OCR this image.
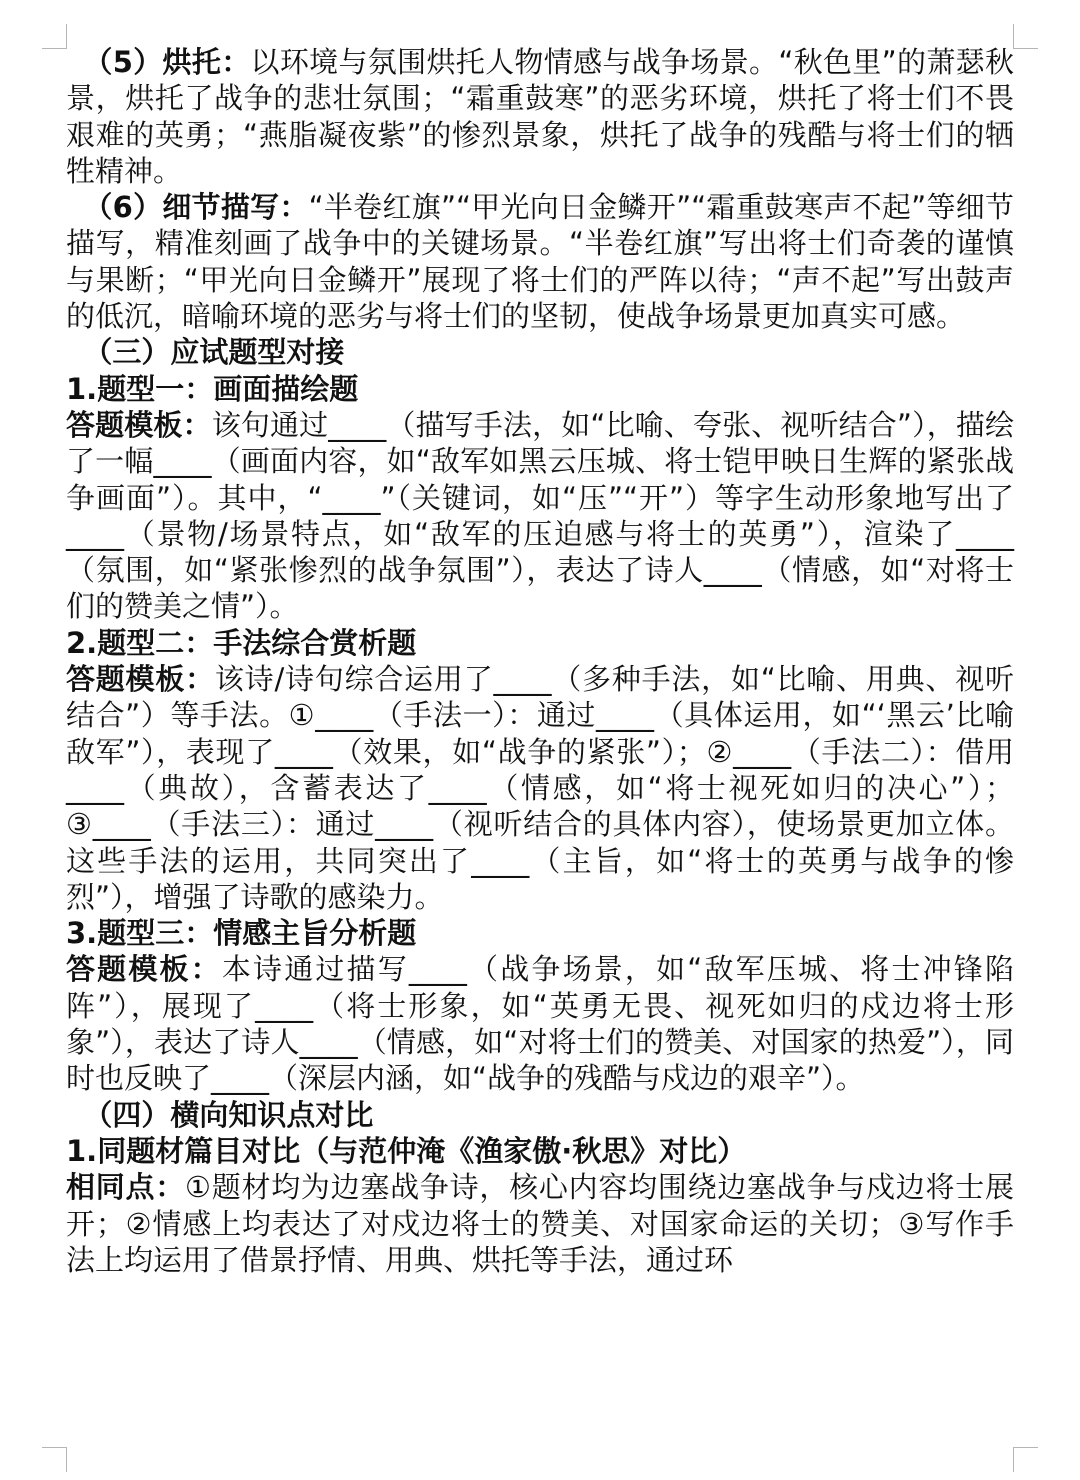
（5）烘托：以环境与氛围烘托人物情感与战争场景。“秋色里”的萧瑟秋景，烘托了战争的悲壮氛围；“霜重鼓寒”的恶劣环境，烘托了将士们不畏艰难的英勇；“燕脂凝夜紫”的惨烈景象，烘托了战争的残酷与将士们的牺牲精神。

（6）细节描写：“半卷红旗”“甲光向日金鳞开”“霜重鼓寒声不起”等细节描写，精准刻画了战争中的关键场景。“半卷红旗”写出将士们奇袭的谨慎与果断；“甲光向日金鳞开”展现了将士们的严阵以待；“声不起”写出鼓声的低沉，暗喻环境的恶劣与将士们的坚韧，使战争场景更加真实可感。

（三）应试题型对接
1.题型一：画面描绘题

答题模板：该句通过____（描写手法，如“比喻、夸张、视听结合”），描绘了一幅____（画面内容，如“敌军如黑云压城、将士铠甲映日生辉的紧张战争画面”）。其中，“____”（关键词，如“压”“开”）等字生动形象地写出了____（景物/场景特点，如“敌军的压迫感与将士的英勇”），渲染了____（氛围，如“紧张惨烈的战争氛围”），表达了诗人____（情感，如“对将士们的赞美之情”）。

2.题型二：手法综合赏析题

答题模板：该诗/诗句综合运用了____（多种手法，如“比喻、用典、视听结合”）等手法。①____（手法一）：通过____（具体运用，如“‘黑云’比喻敌军”），表现了____（效果，如“战争的紧张”）；②____（手法二）：借用____（典故），含蓄表达了____（情感，如“将士视死如归的决心”）；③____（手法三）：通过____（视听结合的具体内容），使场景更加立体。这些手法的运用，共同突出了____（主旨，如“将士的英勇与战争的惨烈”），增强了诗歌的感染力。

3.题型三：情感主旨分析题

答题模板：本诗通过描写____（战争场景，如“敌军压城、将士冲锋陷阵”），展现了____（将士形象，如“英勇无畏、视死如归的戍边将士形象”），表达了诗人____（情感，如“对将士们的赞美、对国家的热爱”），同时也反映了____（深层内涵，如“战争的残酷与戍边的艰辛”）。

（四）横向知识点对比
1.同题材篇目对比（与范仲淹《渔家傲·秋思》对比）

相同点：①题材均为边塞战争诗，核心内容均围绕边塞战争与戍边将士展开；②情感上均表达了对戍边将士的赞美、对国家命运的关切；③写作手法上均运用了借景抒情、用典、烘托等手法，通过环
